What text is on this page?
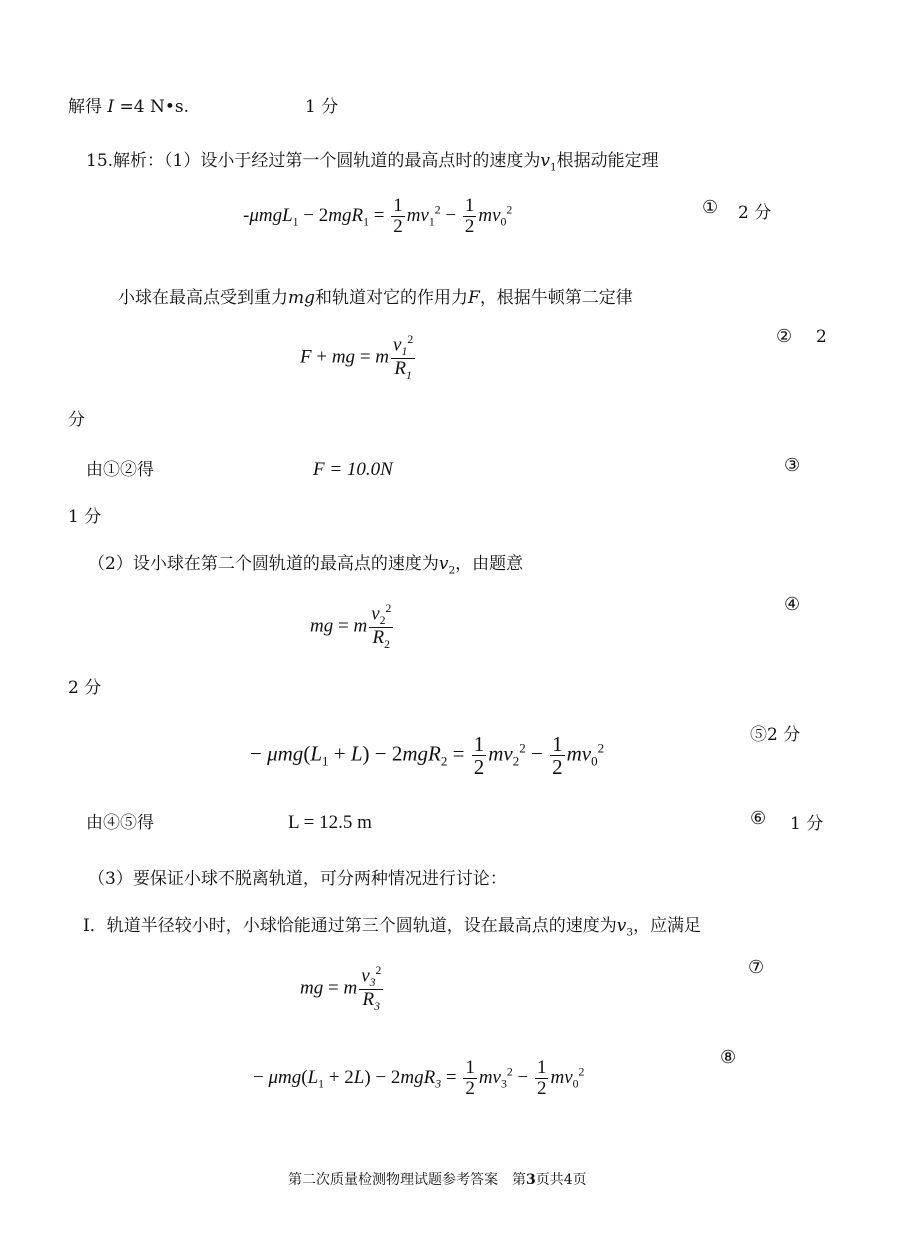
解得 I =4 N•s.	1 分
15.解析：（1）设小于经过第一个圆轨道的最高点时的速度为$v_1$根据动能定理
$-\mu mgL_1 - 2mgR_1 = \frac{1}{2} mv_1^2 - \frac{1}{2} mv_0^2$	① 2 分
小球在最高点受到重力mg和轨道对它的作用力F，根据牛顿第二定律
F + mg = m $\frac{v_1^2}{R_1}$	② 2
分
由①②得	F = 10.0N	③
1 分
（2）设小球在第二个圆轨道的最高点的速度为$v_2$，由题意
mg = m $\frac{v_2^2}{R_2}$	④
2 分
− $\mu mg(L_1 + L) - 2mgR_2 = \frac{1}{2} mv_2^2 - \frac{1}{2} mv_0^2$
⑤2 分
由④⑤得	L = 12.5 m	⑥ 1 分
（3）要保证小球不脱离轨道，可分两种情况进行讨论：
I．轨道半径较小时，小球恰能通过第三个圆轨道，设在最高点的速度为$v_3$，应满足
mg = m $\frac{v_3^2}{R_3}$	⑦
− $\mu mg(L_1 + 2L) - 2mgR_3 = \frac{1}{2} mv_3^2 - \frac{1}{2} mv_0^2$
⑧
第二次质量检测物理试题参考答案　第3页共4页
